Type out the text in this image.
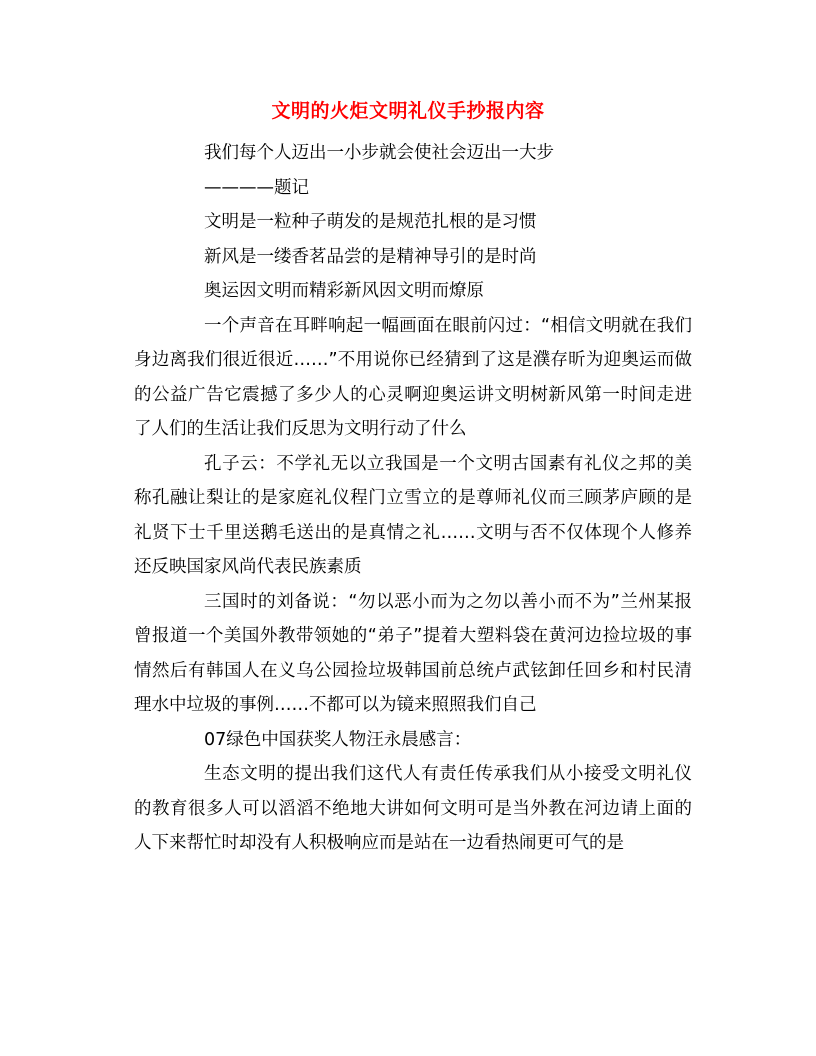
文明的火炬文明礼仪手抄报内容

我们每个人迈出一小步就会使社会迈出一大步

————题记

文明是一粒种子萌发的是规范扎根的是习惯

新风是一缕香茗品尝的是精神导引的是时尚

奥运因文明而精彩新风因文明而燎原

一个声音在耳畔响起一幅画面在眼前闪过：“相信文明就在我们身边离我们很近很近……”不用说你已经猜到了这是濮存昕为迎奥运而做的公益广告它震撼了多少人的心灵啊迎奥运讲文明树新风第一时间走进了人们的生活让我们反思为文明行动了什么

孔子云：不学礼无以立我国是一个文明古国素有礼仪之邦的美称孔融让梨让的是家庭礼仪程门立雪立的是尊师礼仪而三顾茅庐顾的是礼贤下士千里送鹅毛送出的是真情之礼……文明与否不仅体现个人修养还反映国家风尚代表民族素质

三国时的刘备说：“勿以恶小而为之勿以善小而不为”兰州某报曾报道一个美国外教带领她的“弟子”提着大塑料袋在黄河边捡垃圾的事情然后有韩国人在义乌公园捡垃圾韩国前总统卢武铉卸任回乡和村民清理水中垃圾的事例……不都可以为镜来照照我们自己

07绿色中国获奖人物汪永晨感言：

生态文明的提出我们这代人有责任传承我们从小接受文明礼仪的教育很多人可以滔滔不绝地大讲如何文明可是当外教在河边请上面的人下来帮忙时却没有人积极响应而是站在一边看热闹更可气的是
